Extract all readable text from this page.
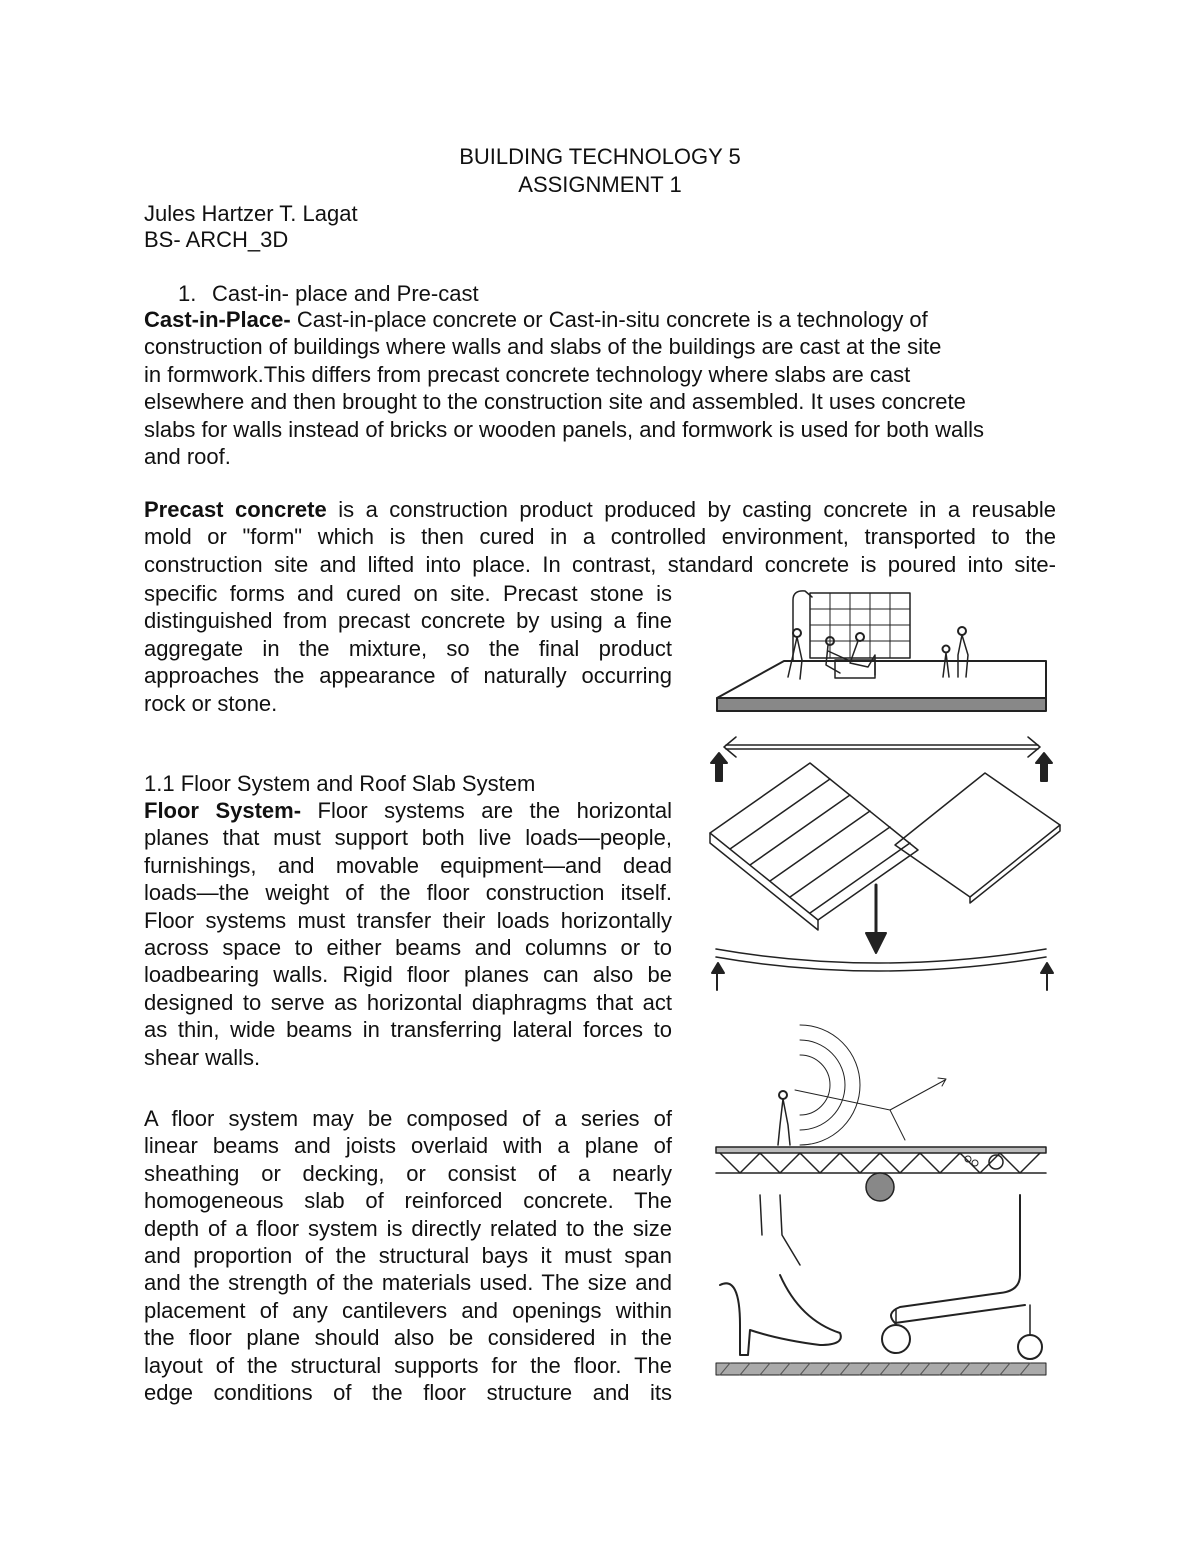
BUILDING TECHNOLOGY 5
ASSIGNMENT 1
Jules Hartzer T. Lagat
BS- ARCH_3D
1. Cast-in- place and Pre-cast
Cast-in-Place- Cast-in-place concrete or Cast-in-situ concrete is a technology of
construction of buildings where walls and slabs of the buildings are cast at the site
in formwork.This differs from precast concrete technology where slabs are cast
elsewhere and then brought to the construction site and assembled. It uses concrete
slabs for walls instead of bricks or wooden panels, and formwork is used for both walls
and roof.
Precast concrete is a construction product produced by casting concrete in a reusable
mold or "form" which is then cured in a controlled environment, transported to the
construction site and lifted into place. In contrast, standard concrete is poured into site-
specific forms and cured on site. Precast stone is
distinguished from precast concrete by using a fine
aggregate in the mixture, so the final product
approaches the appearance of naturally occurring
rock or stone.
1.1 Floor System and Roof Slab System
Floor System- Floor systems are the horizontal
planes that must support both live loads—people,
furnishings, and movable equipment—and dead
loads—the weight of the floor construction itself.
Floor systems must transfer their loads horizontally
across space to either beams and columns or to
loadbearing walls. Rigid floor planes can also be
designed to serve as horizontal diaphragms that act
as thin, wide beams in transferring lateral forces to
shear walls.
A floor system may be composed of a series of
linear beams and joists overlaid with a plane of
sheathing or decking, or consist of a nearly
homogeneous slab of reinforced concrete. The
depth of a floor system is directly related to the size
and proportion of the structural bays it must span
and the strength of the materials used. The size and
placement of any cantilevers and openings within
the floor plane should also be considered in the
layout of the structural supports for the floor. The
edge conditions of the floor structure and its
